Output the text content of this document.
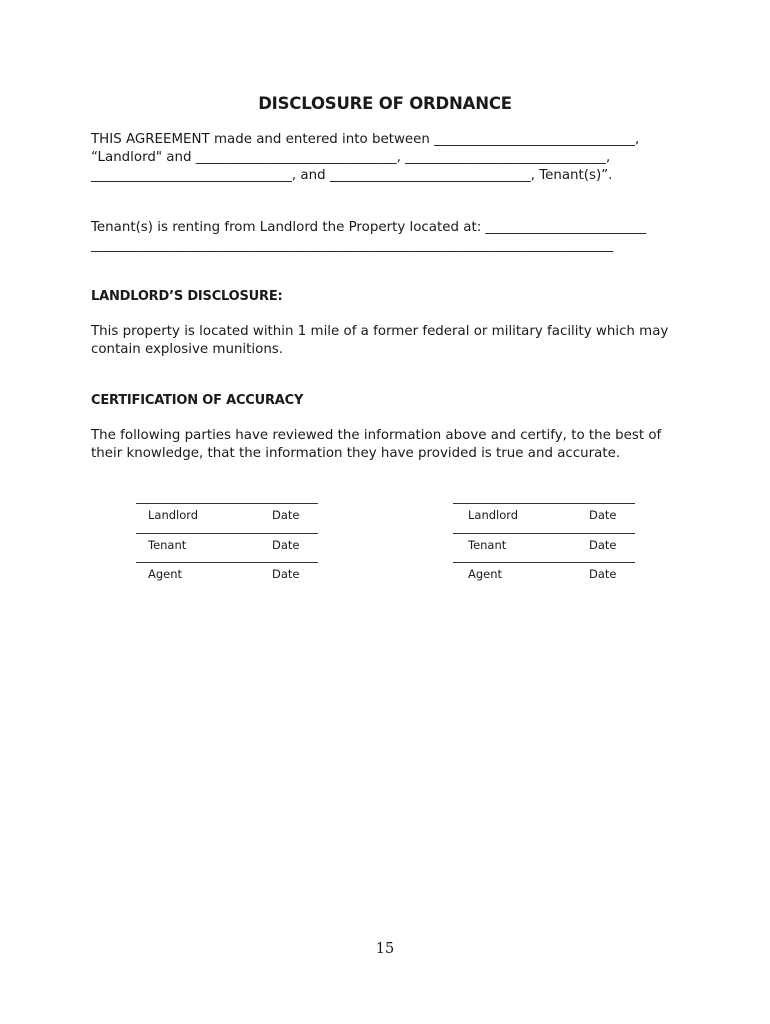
DISCLOSURE OF ORDNANCE
THIS AGREEMENT made and entered into between ______________________________,
“Landlord" and ______________________________, ______________________________,
______________________________, and ______________________________, Tenant(s)”.
Tenant(s) is renting from Landlord the Property located at: ________________________
______________________________________________________________________________
LANDLORD’S DISCLOSURE:
This property is located within 1 mile of a former federal or military facility which may
contain explosive munitions.
CERTIFICATION OF ACCURACY
The following parties have reviewed the information above and certify, to the best of
their knowledge, that the information they have provided is true and accurate.
Landlord	Date
Tenant	Date
Agent	Date
Landlord	Date
Tenant	Date
Agent	Date
15
